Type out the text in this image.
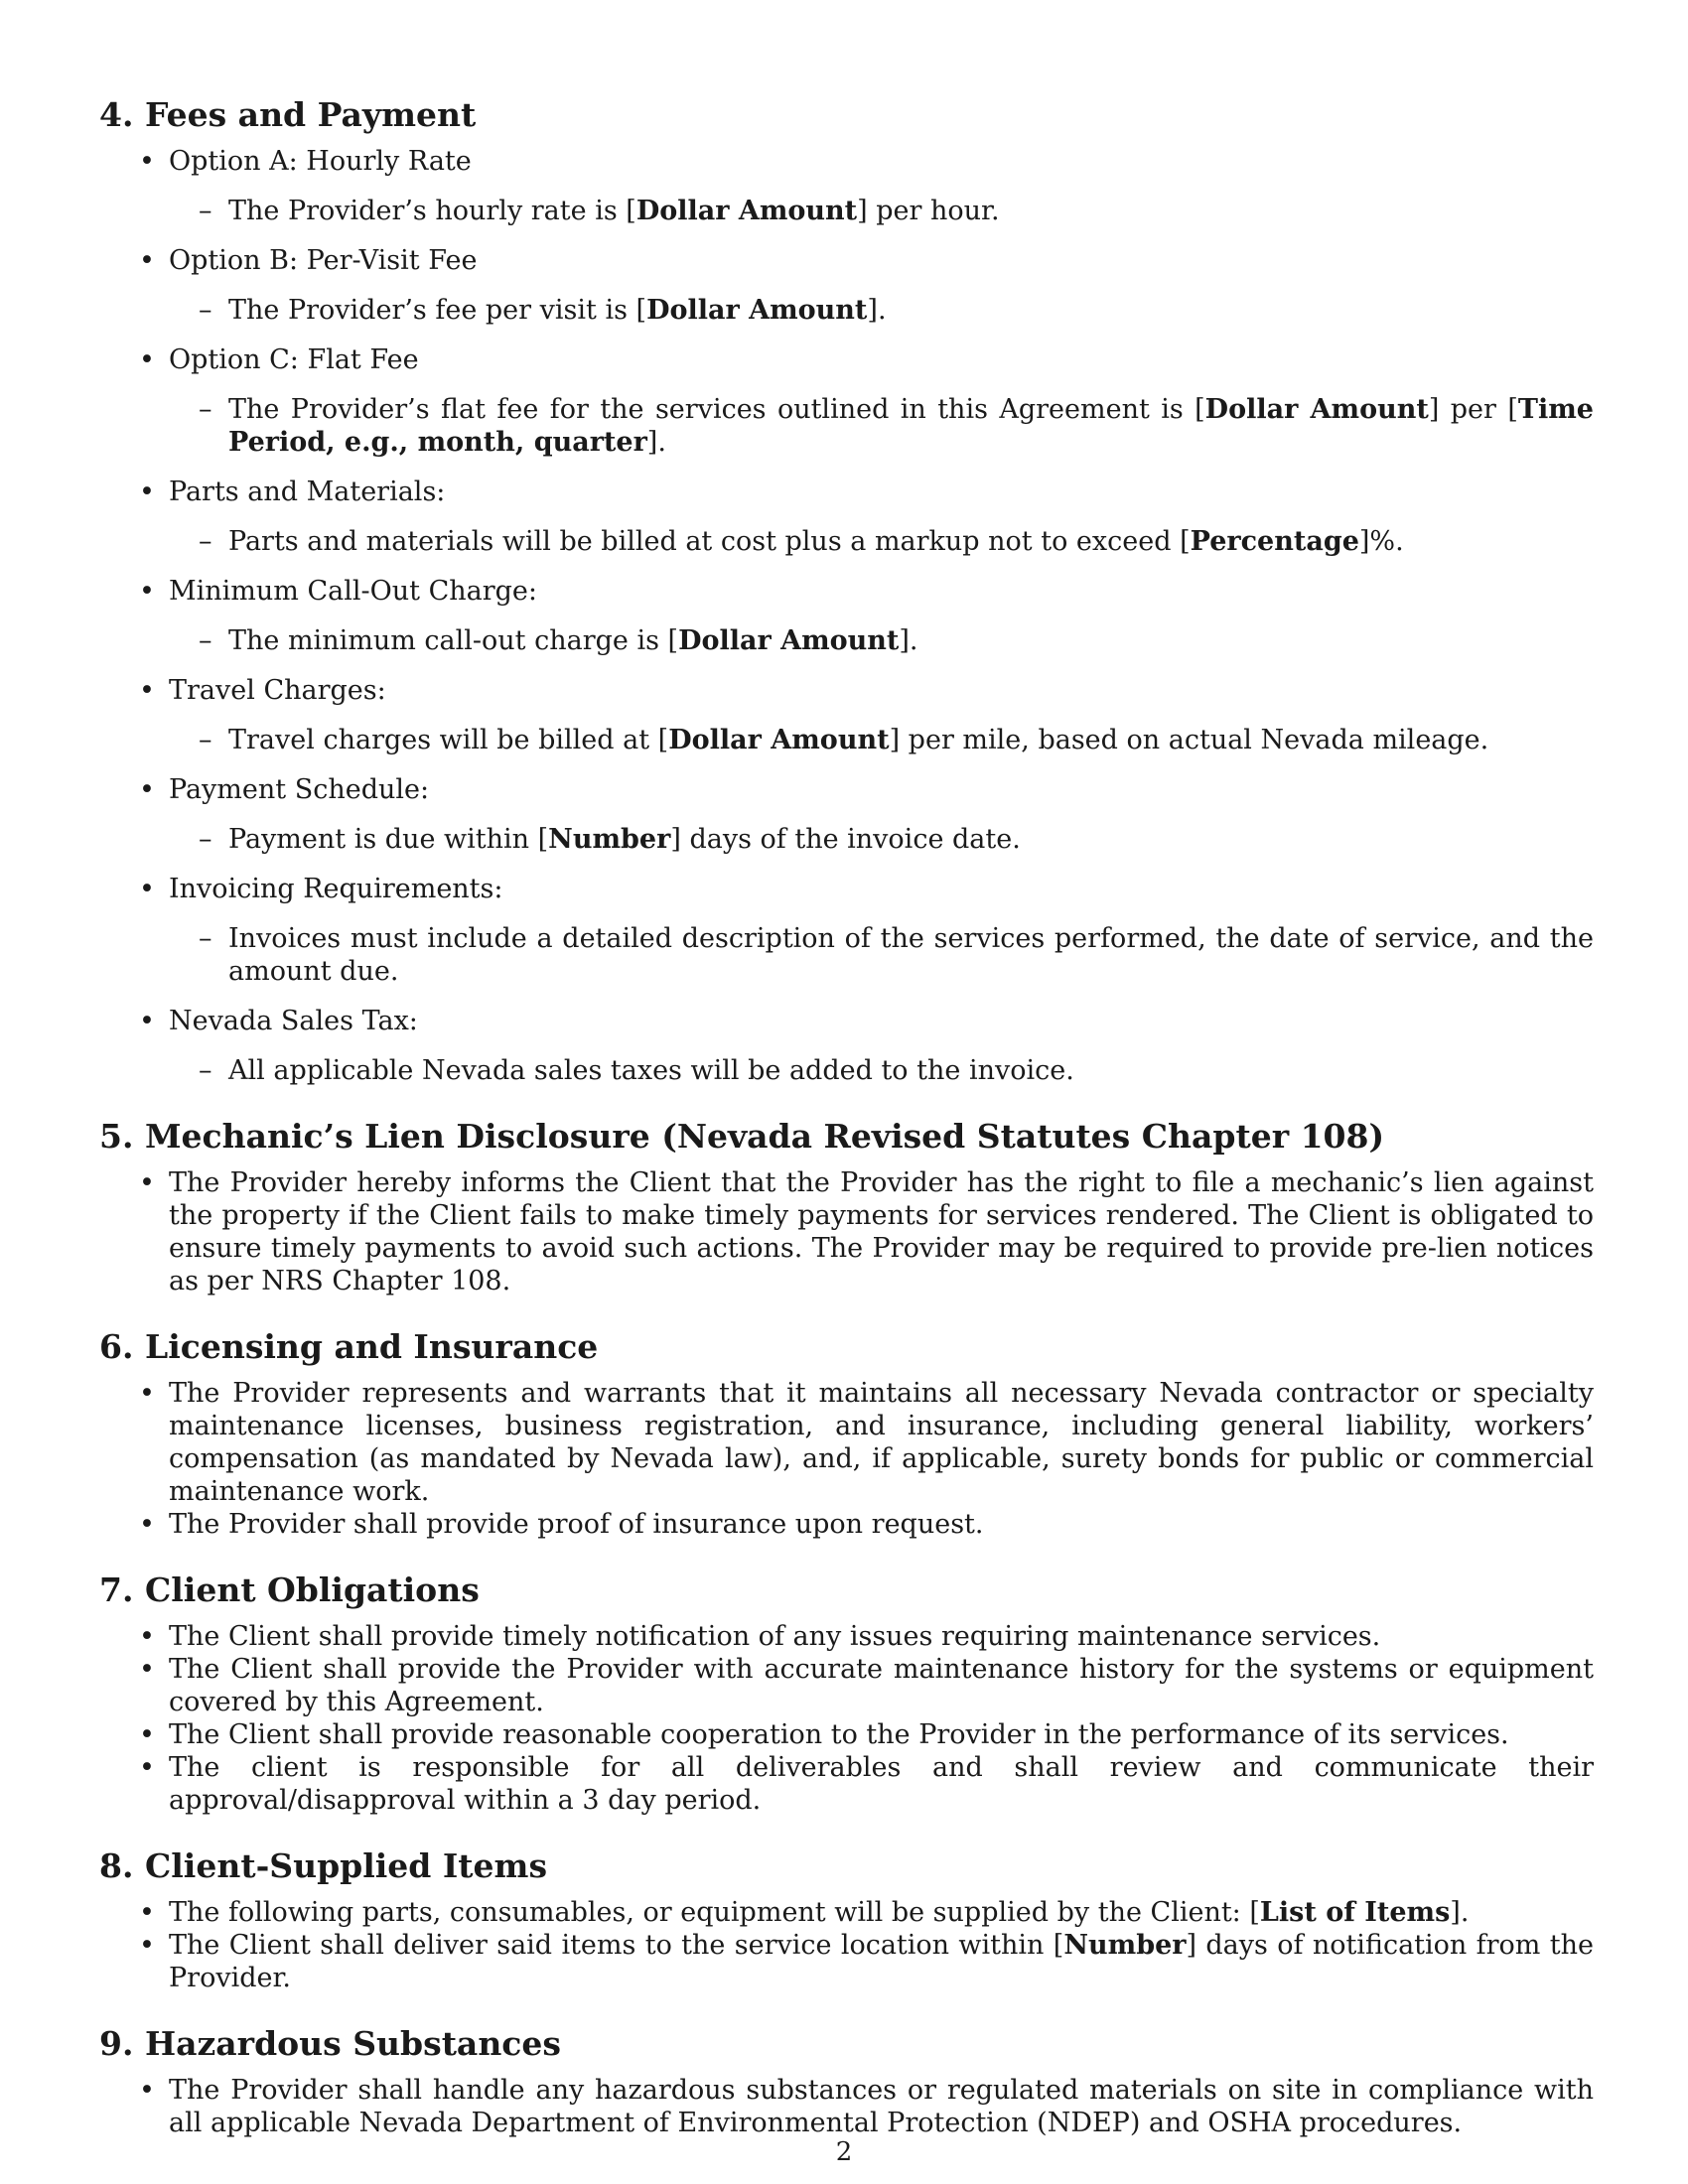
4. Fees and Payment
• Option A: Hourly Rate
– The Provider’s hourly rate is [Dollar Amount] per hour.
• Option B: Per-Visit Fee
– The Provider’s fee per visit is [Dollar Amount].
• Option C: Flat Fee
– The Provider’s flat fee for the services outlined in this Agreement is [Dollar Amount] per [Time Period, e.g., month, quarter].
• Parts and Materials:
– Parts and materials will be billed at cost plus a markup not to exceed [Percentage]%.
• Minimum Call-Out Charge:
– The minimum call-out charge is [Dollar Amount].
• Travel Charges:
– Travel charges will be billed at [Dollar Amount] per mile, based on actual Nevada mileage.
• Payment Schedule:
– Payment is due within [Number] days of the invoice date.
• Invoicing Requirements:
– Invoices must include a detailed description of the services performed, the date of service, and the amount due.
• Nevada Sales Tax:
– All applicable Nevada sales taxes will be added to the invoice.
5. Mechanic’s Lien Disclosure (Nevada Revised Statutes Chapter 108)
• The Provider hereby informs the Client that the Provider has the right to file a mechanic’s lien against the property if the Client fails to make timely payments for services rendered. The Client is obligated to ensure timely payments to avoid such actions. The Provider may be required to provide pre-lien notices as per NRS Chapter 108.
6. Licensing and Insurance
• The Provider represents and warrants that it maintains all necessary Nevada contractor or specialty maintenance licenses, business registration, and insurance, including general liability, workers’ compensation (as mandated by Nevada law), and, if applicable, surety bonds for public or commercial maintenance work.
• The Provider shall provide proof of insurance upon request.
7. Client Obligations
• The Client shall provide timely notification of any issues requiring maintenance services.
• The Client shall provide the Provider with accurate maintenance history for the systems or equipment covered by this Agreement.
• The Client shall provide reasonable cooperation to the Provider in the performance of its services.
• The client is responsible for all deliverables and shall review and communicate their approval/disapproval within a 3 day period.
8. Client-Supplied Items
• The following parts, consumables, or equipment will be supplied by the Client: [List of Items].
• The Client shall deliver said items to the service location within [Number] days of notification from the Provider.
9. Hazardous Substances
• The Provider shall handle any hazardous substances or regulated materials on site in compliance with all applicable Nevada Department of Environmental Protection (NDEP) and OSHA procedures.
2
